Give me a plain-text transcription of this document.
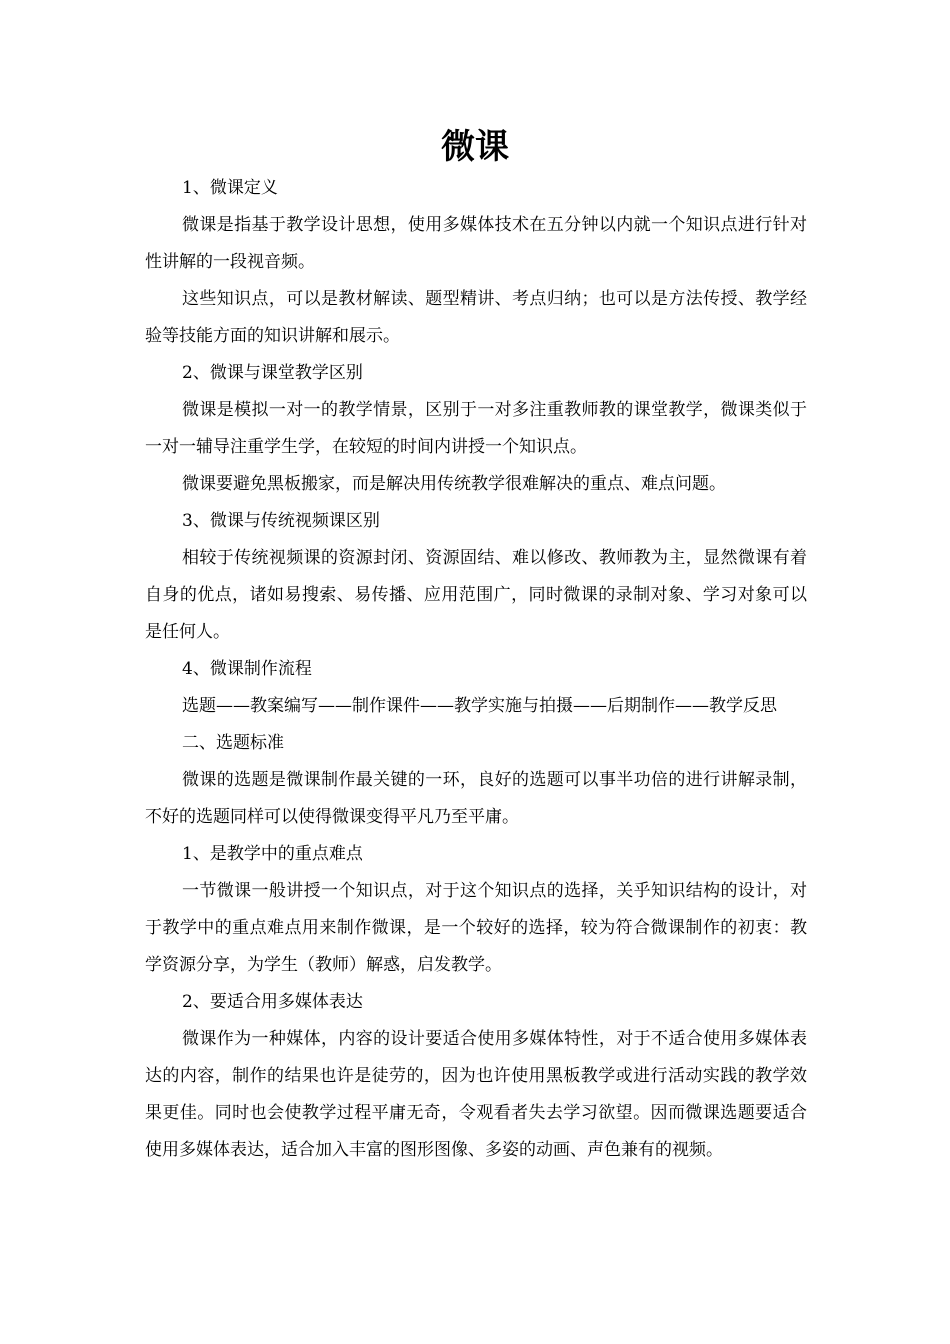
微课

1、微课定义

微课是指基于教学设计思想，使用多媒体技术在五分钟以内就一个知识点进行针对性讲解的一段视音频。

这些知识点，可以是教材解读、题型精讲、考点归纳；也可以是方法传授、教学经验等技能方面的知识讲解和展示。

2、微课与课堂教学区别

微课是模拟一对一的教学情景，区别于一对多注重教师教的课堂教学，微课类似于一对一辅导注重学生学，在较短的时间内讲授一个知识点。

微课要避免黑板搬家，而是解决用传统教学很难解决的重点、难点问题。

3、微课与传统视频课区别

相较于传统视频课的资源封闭、资源固结、难以修改、教师教为主，显然微课有着自身的优点，诸如易搜索、易传播、应用范围广，同时微课的录制对象、学习对象可以是任何人。

4、微课制作流程

选题——教案编写——制作课件——教学实施与拍摄——后期制作——教学反思

二、选题标准

微课的选题是微课制作最关键的一环，良好的选题可以事半功倍的进行讲解录制，不好的选题同样可以使得微课变得平凡乃至平庸。

1、是教学中的重点难点

一节微课一般讲授一个知识点，对于这个知识点的选择，关乎知识结构的设计，对于教学中的重点难点用来制作微课，是一个较好的选择，较为符合微课制作的初衷：教学资源分享，为学生（教师）解惑，启发教学。

2、要适合用多媒体表达

微课作为一种媒体，内容的设计要适合使用多媒体特性，对于不适合使用多媒体表达的内容，制作的结果也许是徒劳的，因为也许使用黑板教学或进行活动实践的教学效果更佳。同时也会使教学过程平庸无奇，令观看者失去学习欲望。因而微课选题要适合使用多媒体表达，适合加入丰富的图形图像、多姿的动画、声色兼有的视频。
